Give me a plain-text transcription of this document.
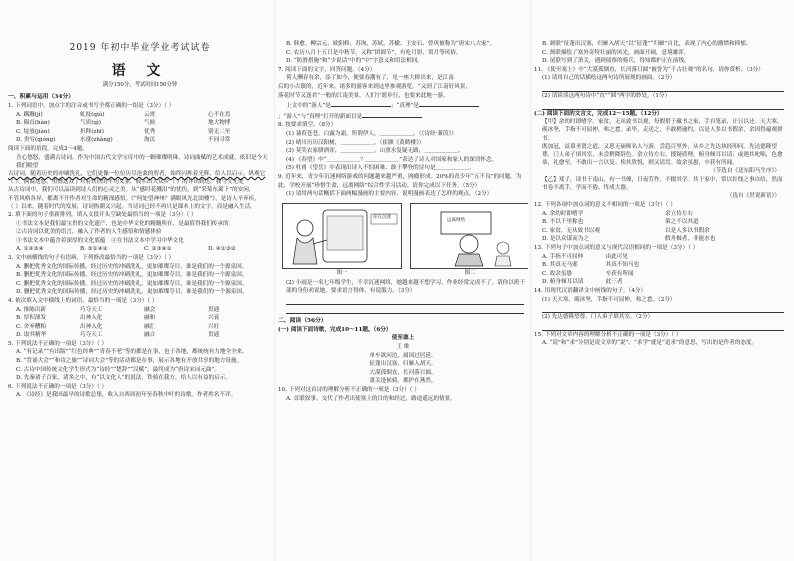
2019 年初中毕业学业考试试卷
语 文
满分150分，考试时间150分钟
一、积累与运用（34分）

1. 下列词语中，加点字的注音或书写全都正确的一组是（3分）（ ）

A. 蹒跚(jì)	虬枝(qiú)	云霄	心不在焉
B. 陨首(hàn)	气质(qì)	气候	地大物博
C. 绽放(jiàn)	折释(zhī)	优秀	别无二至
D. 贵穷(qióng)	水涨(zhǎng)	淘汰	不同寻常

阅读下面的语段，完成2～4题。

吾心悠悠，盛满古诗词。作为中国古代文学宝库中的一颗璀璨明珠，诗词曲赋的艺术成就，依旧是今天我们瞻望

古诗词，随着历史的冲刷洗礼，它们更像一位位历尽沧桑的智者，始终闪烁着光辉，给人以启示。纵观它

（ ），满溢这悠，重叠这双了对着铁铁的平均义张、展示出大众乡（ ）的并出到达。我与文无处

从古诗词中，我们可以品读到诗人们的心灵之美。从“感时花溅泪”的忧伤，到“采菊东篱下”的安闲，

不管风格各异，都离不开作者对生命的精深感悟。《“何处望神州？满眼风光北固楼”》，是诗人辛弃疾，

（ ）以来，随着时代的发展，诗词热潮又兴起。当诗词已经不再只是课本上的文字，而是融入生活。

2. 填下面的句子重新排列，填入文段开头空缺处最恰当的一项是（3分）（ ）

①书法文本是我们最宝贵的文化遗产，也是中华文化的精髓所在，是最值得我们传承的

②古诗词以优美的语言，融入了作者的人生感悟和情感体验

③书法文本中蕴含着深厚的文化底蕴　④在书法文本中学习中华文化

A. ①②③④	B. ③①④②	C. ②③④①	D. ④①③②

3. 文中画横线的句子有语病，下列修改最恰当的一项是（3分）（ ）

A. 删把优秀文化的国际传播，经过历史的冲刷洗礼，更加璀璨夺目，谁是我们的一个源泉国。

B. 删把优秀文化的国际传播，经过历史的冲刷洗礼，更加璀璨夺目，谁是我们的一个源泉国。

C. 删把优秀文化的国际传播，经过历史的冲刷洗礼，更加璀璨夺目，谁是我们的一个源泉国。

D. 删把优秀文化的国际传播，经过历史的冲刷洗礼，更加璀璨夺目，谁是我们的一个源泉国。

4. 依次填入文中横线上的词语，最恰当的一项是（3分）（ ）

A. 推陈出新	巧夺天工	融会	贯通
B. 厚积薄发	出神入化	融和	兴衰
C. 舍弃糟粕	出神入化	融汇	兴旺
D. 取其精华	巧夺天工	融合	贯通

5. 下列说法不正确的一项是（3分）（ ）

A. “有记录”“有出版”“红色经典”“青春不老”等的都是在事，也于各地，都统统有力地全全来。

B. “背诵大会”“和诗之旅”“诗词大会”等的活动都是在事，展示各地有开放共享的地方设施。

C. 古诗中国传统文化学生形式为“诗经”“楚辞”“汉赋”，最终成为“唐诗宋词元曲”。

D. 先秦诸子百家，诸多之中，有“以文化人”的说法，铁骑在我方，给人以有益的启示。

6. 下列说法不正确的一项是（3分）（ ）

A. 《诗经》是我国最早的诗歌总集，收入自西周初年至春秋中叶的诗歌。作者姓名不详。

B. 韩愈、柳宗元、欧阳修、苏洵、苏轼、苏辙、王安石、曾巩被称为“唐宋八大家”。

C. 农历八月十五日是中秋节，又称“团圆节”，有吃月饼、赏月等风俗。

D. “防滑措施”和“少说话”中的“中”字意义和用法相同。

7. 阅读下面的文字，回答问题。（4分）

荷人酬春有余，添了如今，便要春潮有了，见一座大桥出来，是江南

后的小古镇的，近年来，诸多的游客来到这里参观游览。“又到了江南好风景，

落花时节又逢君”一般的江南美景，人们宁愿步行，也要来此地一游。

上文中的“游人”是	；“真理”是

；“游人”与“真理”打开的新面目是

8. 按要求填空。（8分）

(1) 蒹葭苍苍，白露为霜。所谓伊人，＿＿＿＿＿＿。（《诗经·蒹葭》）

(2) 晴川历历汉阳树，＿＿＿＿＿＿。（崔颢《黄鹤楼》）

(3) 莫笑农家腊酒浑，＿＿＿＿＿＿。山重水复疑无路，＿＿＿＿＿＿。

(4) 《春望》中“＿＿＿＿＿＿？＿＿＿＿＿＿”表达了诗人对国家和家人的深切怀念。

(5) 杜甫《望岳》中表现出诗人不怕困难、敢于攀登的诗句是＿＿＿＿＿＿。

9. 近年来，青少年沉迷网络游戏的问题越来越严重，网瘾形成。20%的青少年“五不良”的问题。为此，学校开展“珍惜生命，远离网络”综合性学习活动。请你完成以下任务。（5分）

(1) 请用两句话概括下面两幅漫画的主要内容，说明漫画表达了怎样的观点。（2分）

你在沉迷
图一
远离网络
图二

(2) 小雨是一名七年级学生，不幸沉迷网络，她越来越不想学习，作业经常完成不了。请你以班干部的身份劝说她，要求语言得体，有说服力。（3分）

二、阅读（56分）

(一) 阅读下面诗歌，完成10～11题。（6分）

使至塞上

王 维

单车欲问边，属国过居延。

征蓬出汉塞，归雁入胡天。

大漠孤烟直，长河落日圆。

萧关逢候骑，都护在燕然。

10. 下列对这首诗的理解分析不正确的一项是（3分）（ ）

A. 首联叙事，交代了作者出使塞上的目的和经过，路途遥远的情景。

B. 颔联“征蓬出汉塞，归雁入胡天”以“征蓬”“归雁”自比，表现了内心的激愤和抑郁。

C. 颈联描绘了塞外奇特壮丽的风光，画面开阔，意境雄浑。

D. 尾联写到了萧关，遇到侦察的骑兵，得知都护正在前线。

11. 《使至塞上》中“大漠孤烟直，长河落日圆”被誉为“千古壮观”的名句，请你赏析。（3分）

(1) 请用自己的话描绘这两句诗所展现的画面。（2分）

(2) 请谈谈这两句诗中“直”“圆”两字的妙处。（1分）

(二) 阅读下面的文言文，完成12～15题。（12分）

【甲】余幼时即嗜学。家贫，无从致书以观，每假借于藏书之家，手自笔录，计日以还。天大寒，砚冰坚，手指不可屈伸，弗之怠。录毕，走送之，不敢稍逾约。以是人多以书假余，余因得遍观群书。

既加冠，益慕圣贤之道，又患无硕师名人与游，尝趋百里外，从乡之先达执经叩问。先达德隆望尊，门人弟子填其室，未尝稍降辞色。余立侍左右，援疑质理，俯身倾耳以请；或遇其叱咄，色愈恭，礼愈至，不敢出一言以复；俟其欣悦，则又请焉。故余虽愚，卒获有所闻。

（节选自《送东阳马生序》）

【乙】郑子，读书于南山，有一书僮，日夜劳作，不辍其学。其于家中，常以针线之事自给，然而书卷不离手，学而不倦，终成大器。

（选自《世说新语》）

12. 下列各项中加点词的意义不相同的一项是（3分）（ ）

A. 余幼时即嗜学	余立侍左右
B. 不以千里称也	策之不以其道
C. 家贫，无从致书以观	以是人多以书假余
D. 是以众谋而为之	假舟楫者，非能水也

13. 下列句子中加点词的意义与现代汉语相同的一项是（3分）（ ）

A. 手指不可屈伸　　　　由此可见

B. 其真无马邪　　　　　其真不知马也

C. 故余虽愚　　　　　　卒获有所闻

D. 俯身倾耳以请　　　　此三者

14. 用现代汉语翻译文中画线的句子。（4分）

(1) 天大寒，砚冰坚，手指不可屈伸，弗之怠。（2分）

(2) 先达德隆望尊，门人弟子填其室。（2分）

15. 下列对文章内容的理解分析不正确的一项是（3分）（ ）

A. “说”和“求”分别是说文章的“说”，“求学”就是“追求”的意思，写出的是作者的态度。
